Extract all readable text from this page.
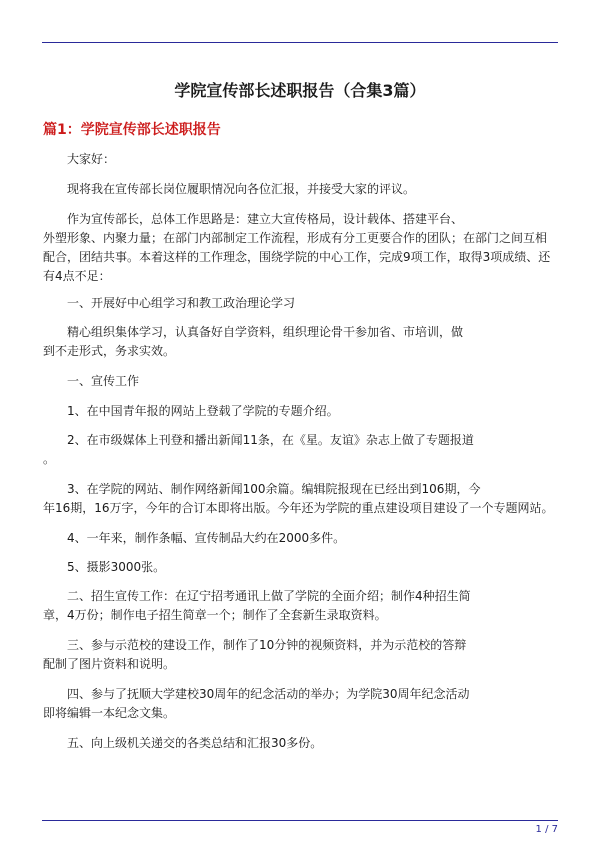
学院宣传部长述职报告（合集3篇）
篇1：学院宣传部长述职报告

大家好：

现将我在宣传部长岗位履职情况向各位汇报，并接受大家的评议。

作为宣传部长，总体工作思路是：建立大宣传格局，设计载体、搭建平台、
外塑形象、内聚力量；在部门内部制定工作流程，形成有分工更要合作的团队；在部门之间互相
配合，团结共事。本着这样的工作理念，围绕学院的中心工作，完成9项工作，取得3项成绩、还
有4点不足：

一、开展好中心组学习和教工政治理论学习

精心组织集体学习，认真备好自学资料，组织理论骨干参加省、市培训，做
到不走形式，务求实效。

一、宣传工作

1、在中国青年报的网站上登载了学院的专题介绍。

2、在市级媒体上刊登和播出新闻11条，在《星。友谊》杂志上做了专题报道
。

3、在学院的网站、制作网络新闻100余篇。编辑院报现在已经出到106期，今
年16期，16万字，今年的合订本即将出版。今年还为学院的重点建设项目建设了一个专题网站。

4、一年来，制作条幅、宣传制品大约在2000多件。

5、摄影3000张。

二、招生宣传工作：在辽宁招考通讯上做了学院的全面介绍；制作4种招生简
章，4万份；制作电子招生简章一个；制作了全套新生录取资料。

三、参与示范校的建设工作，制作了10分钟的视频资料，并为示范校的答辩
配制了图片资料和说明。

四、参与了抚顺大学建校30周年的纪念活动的举办；为学院30周年纪念活动
即将编辑一本纪念文集。

五、向上级机关递交的各类总结和汇报30多份。

1 / 7
